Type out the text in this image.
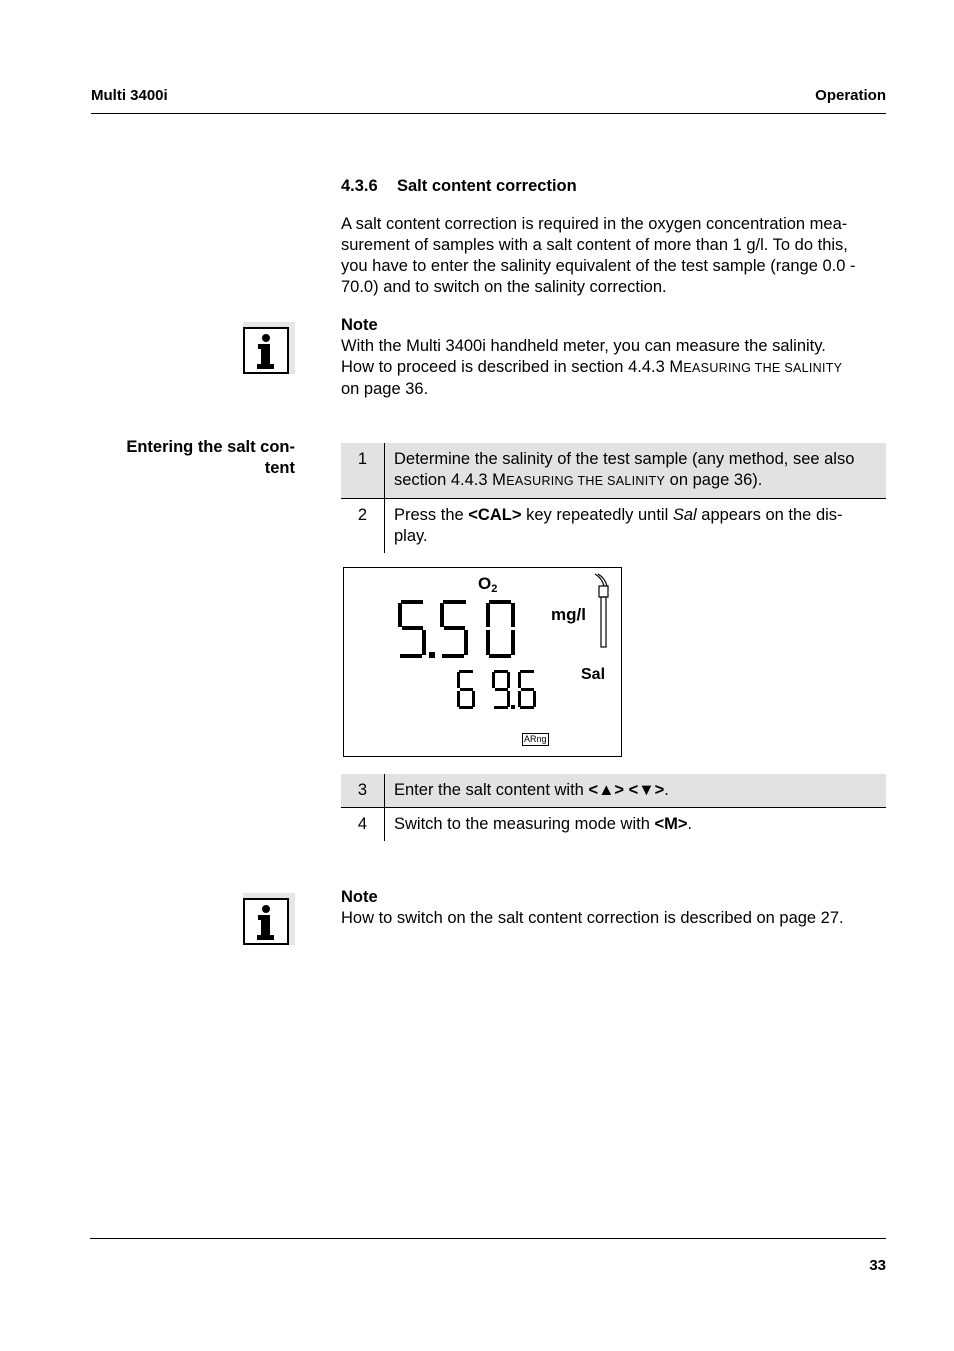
Multi 3400i	Operation
4.3.6 Salt content correction
A salt content correction is required in the oxygen concentration mea-
surement of samples with a salt content of more than 1 g/l. To do this,
you have to enter the salinity equivalent of the test sample (range 0.0 -
70.0) and to switch on the salinity correction.
Note
With the Multi 3400i handheld meter, you can measure the salinity.
How to proceed is described in section 4.4.3 MEASURING THE SALINITY
on page 36.
Entering the salt con-
tent	1	Determine the salinity of the test sample (any method, see also
section 4.4.3 MEASURING THE SALINITY on page 36).
2	Press the <CAL> key repeatedly until Sal appears on the dis-
play.
$O_2$
mg/l
Sal
ARng
3	Enter the salt content with <▲> <▼>.
4	Switch to the measuring mode with <M>.
Note
How to switch on the salt content correction is described on page 27.
33
